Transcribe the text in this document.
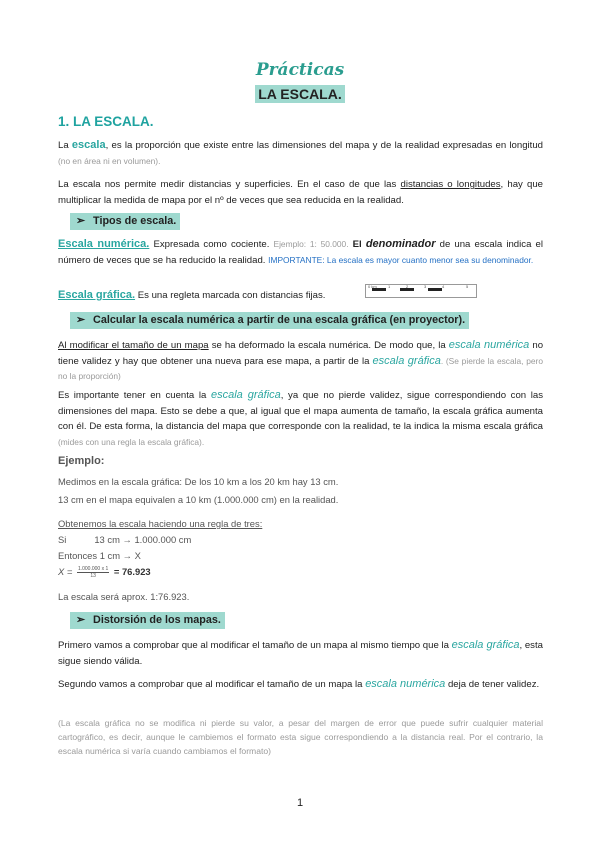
Prácticas
LA ESCALA.
1. LA ESCALA.

La escala, es la proporción que existe entre las dimensiones del mapa y de la realidad expresadas en longitud (no en área ni en volumen).

La escala nos permite medir distancias y superficies. En el caso de que las distancias o longitudes, hay que multiplicar la medida de mapa por el nº de veces que sea reducida en la realidad.

➢ Tipos de escala.

Escala numérica. Expresada como cociente. Ejemplo: 1: 50.000. El denominador de una escala indica el número de veces que se ha reducido la realidad. IMPORTANTE: La escala es mayor cuanto menor sea su denominador.

Escala gráfica. Es una regleta marcada con distancias fijas.

0 km	1	2	3	4	5
➢ Calcular la escala numérica a partir de una escala gráfica (en proyector).

Al modificar el tamaño de un mapa se ha deformado la escala numérica. De modo que, la escala numérica no tiene validez y hay que obtener una nueva para ese mapa, a partir de la escala gráfica. (Se pierde la escala, pero no la proporción)

Es importante tener en cuenta la escala gráfica, ya que no pierde validez, sigue correspondiendo con las dimensiones del mapa. Esto se debe a que, al igual que el mapa aumenta de tamaño, la escala gráfica aumenta con él. De esta forma, la distancia del mapa que corresponde con la realidad, te la indica la misma escala gráfica (mides con una regla la escala gráfica).

Ejemplo:
Medimos en la escala gráfica: De los 10 km a los 20 km hay 13 cm.
13 cm en el mapa equivalen a 10 km (1.000.000 cm) en la realidad.
Obtenemos la escala haciendo una regla de tres:
Si	13 cm → 1.000.000 cm
Entonces 1 cm → X
$X = \frac{1.000.000 x 1}{13} = 76.923$
La escala será aprox. 1:76.923.
➢ Distorsión de los mapas.

Primero vamos a comprobar que al modificar el tamaño de un mapa al mismo tiempo que la escala gráfica, esta sigue siendo válida.

Segundo vamos a comprobar que al modificar el tamaño de un mapa la escala numérica deja de tener validez.

(La escala gráfica no se modifica ni pierde su valor, a pesar del margen de error que puede sufrir cualquier material cartográfico, es decir, aunque le cambiemos el formato esta sigue correspondiendo a la distancia real. Por el contrario, la escala numérica si varía cuando cambiamos el formato)

1
